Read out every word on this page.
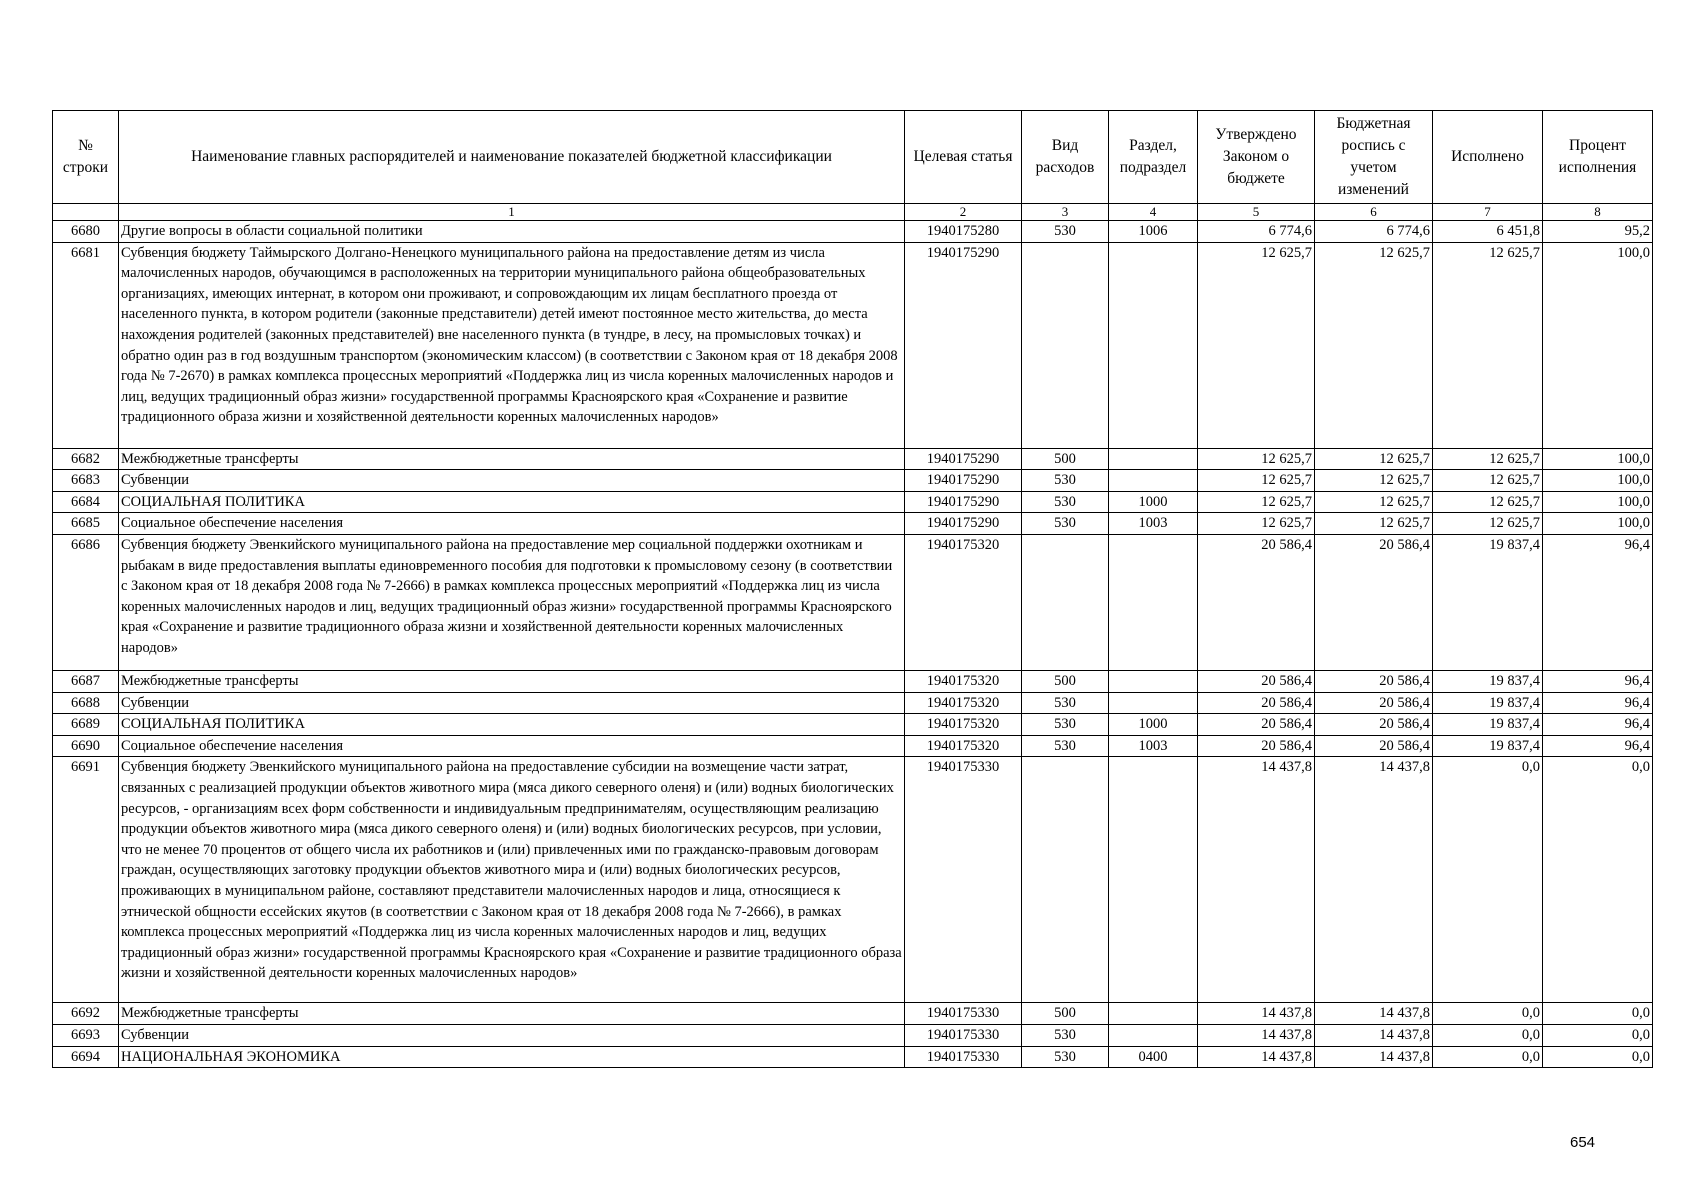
№ строки	Наименование главных распорядителей и наименование показателей бюджетной классификации	Целевая статья	Вид расходов	Раздел, подраздел	Утверждено Законом о бюджете	Бюджетная роспись с учетом изменений	Исполнено	Процент исполнения
	1	2	3	4	5	6	7	8
6680	Другие вопросы в области социальной политики	1940175280	530	1006	6 774,6	6 774,6	6 451,8	95,2
6681	Субвенция бюджету Таймырского Долгано-Ненецкого муниципального района на предоставление детям из числа малочисленных народов, обучающимся в расположенных на территории муниципального района общеобразовательных организациях, имеющих интернат, в котором они проживают, и сопровождающим их лицам бесплатного проезда от населенного пункта, в котором родители (законные представители) детей имеют постоянное место жительства, до места нахождения родителей (законных представителей) вне населенного пункта (в тундре, в лесу, на промысловых точках) и обратно один раз в год воздушным транспортом (экономическим классом) (в соответствии с Законом края от 18 декабря 2008 года № 7-2670) в рамках комплекса процессных мероприятий «Поддержка лиц из числа коренных малочисленных народов и лиц, ведущих традиционный образ жизни» государственной программы Красноярского края «Сохранение и развитие традиционного образа жизни и хозяйственной деятельности коренных малочисленных народов»	1940175290			12 625,7	12 625,7	12 625,7	100,0
6682	Межбюджетные трансферты	1940175290	500		12 625,7	12 625,7	12 625,7	100,0
6683	Субвенции	1940175290	530		12 625,7	12 625,7	12 625,7	100,0
6684	СОЦИАЛЬНАЯ ПОЛИТИКА	1940175290	530	1000	12 625,7	12 625,7	12 625,7	100,0
6685	Социальное обеспечение населения	1940175290	530	1003	12 625,7	12 625,7	12 625,7	100,0
6686	Субвенция бюджету Эвенкийского муниципального района на предоставление мер социальной поддержки охотникам и рыбакам в виде предоставления выплаты единовременного пособия для подготовки к промысловому сезону (в соответствии с Законом края от 18 декабря 2008 года № 7-2666) в рамках комплекса процессных мероприятий «Поддержка лиц из числа коренных малочисленных народов и лиц, ведущих традиционный образ жизни» государственной программы Красноярского края «Сохранение и развитие традиционного образа жизни и хозяйственной деятельности коренных малочисленных народов»	1940175320			20 586,4	20 586,4	19 837,4	96,4
6687	Межбюджетные трансферты	1940175320	500		20 586,4	20 586,4	19 837,4	96,4
6688	Субвенции	1940175320	530		20 586,4	20 586,4	19 837,4	96,4
6689	СОЦИАЛЬНАЯ ПОЛИТИКА	1940175320	530	1000	20 586,4	20 586,4	19 837,4	96,4
6690	Социальное обеспечение населения	1940175320	530	1003	20 586,4	20 586,4	19 837,4	96,4
6691	Субвенция бюджету Эвенкийского муниципального района на предоставление субсидии на возмещение части затрат, связанных с реализацией продукции объектов животного мира (мяса дикого северного оленя) и (или) водных биологических ресурсов, - организациям всех форм собственности и индивидуальным предпринимателям, осуществляющим реализацию продукции объектов животного мира (мяса дикого северного оленя) и (или) водных биологических ресурсов, при условии, что не менее 70 процентов от общего числа их работников и (или) привлеченных ими по гражданско-правовым договорам граждан, осуществляющих заготовку продукции объектов животного мира и (или) водных биологических ресурсов, проживающих в муниципальном районе, составляют представители малочисленных народов и лица, относящиеся к этнической общности ессейских якутов (в соответствии с Законом края от 18 декабря 2008 года № 7-2666), в рамках комплекса процессных мероприятий «Поддержка лиц из числа коренных малочисленных народов и лиц, ведущих традиционный образ жизни» государственной программы Красноярского края «Сохранение и развитие традиционного образа жизни и хозяйственной деятельности коренных малочисленных народов»	1940175330			14 437,8	14 437,8	0,0	0,0
6692	Межбюджетные трансферты	1940175330	500		14 437,8	14 437,8	0,0	0,0
6693	Субвенции	1940175330	530		14 437,8	14 437,8	0,0	0,0
6694	НАЦИОНАЛЬНАЯ ЭКОНОМИКА	1940175330	530	0400	14 437,8	14 437,8	0,0	0,0
654
